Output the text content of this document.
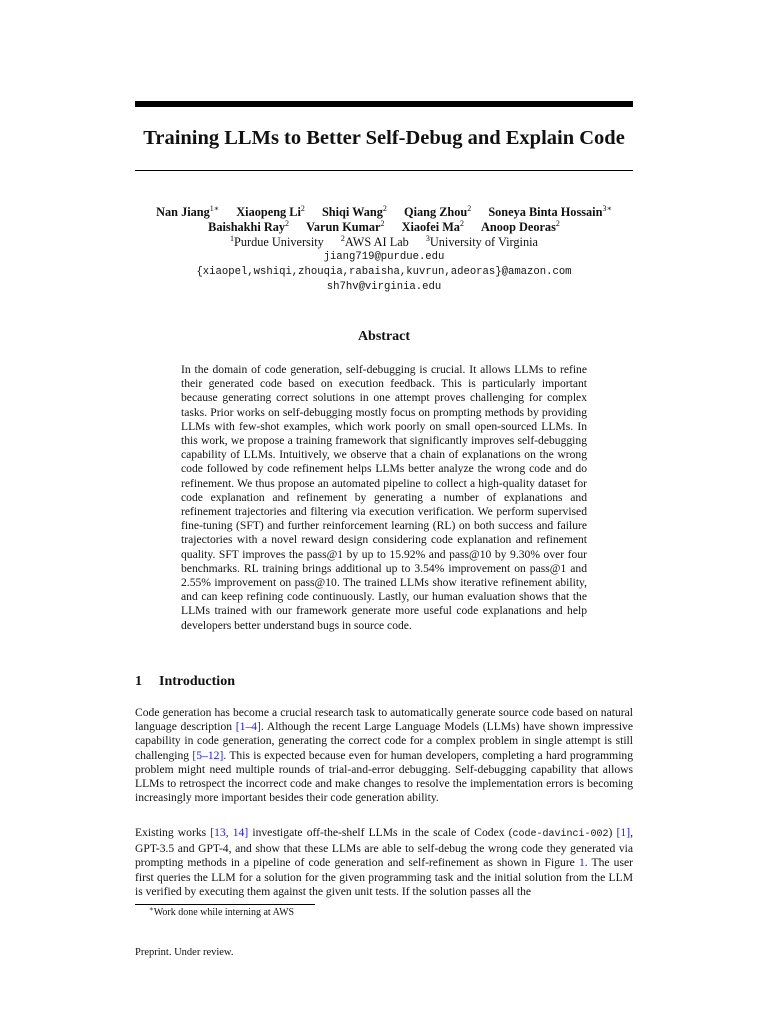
Training LLMs to Better Self-Debug and Explain Code
Nan Jiang$^{1∗}$ Xiaopeng Li$^2$ Shiqi Wang$^2$ Qiang Zhou$^2$ Soneya Binta Hossain$^{3∗}$
Baishakhi Ray$^2$ Varun Kumar$^2$ Xiaofei Ma$^2$ Anoop Deoras$^2$
$^1$Purdue University $^2$AWS AI Lab $^3$University of Virginia
jiang719@purdue.edu
{xiaopel,wshiqi,zhouqia,rabaisha,kuvrun,adeoras}@amazon.com
sh7hv@virginia.edu
Abstract

In the domain of code generation, self-debugging is crucial. It allows LLMs to refine their generated code based on execution feedback. This is particularly important because generating correct solutions in one attempt proves challenging for complex tasks. Prior works on self-debugging mostly focus on prompting methods by providing LLMs with few-shot examples, which work poorly on small open-sourced LLMs. In this work, we propose a training framework that significantly improves self-debugging capability of LLMs. Intuitively, we observe that a chain of explanations on the wrong code followed by code refinement helps LLMs better analyze the wrong code and do refinement. We thus propose an automated pipeline to collect a high-quality dataset for code explanation and refinement by generating a number of explanations and refinement trajectories and filtering via execution verification. We perform supervised fine-tuning (SFT) and further reinforcement learning (RL) on both success and failure trajectories with a novel reward design considering code explanation and refinement quality. SFT improves the pass@1 by up to 15.92% and pass@10 by 9.30% over four benchmarks. RL training brings additional up to 3.54% improvement on pass@1 and 2.55% improvement on pass@10. The trained LLMs show iterative refinement ability, and can keep refining code continuously. Lastly, our human evaluation shows that the LLMs trained with our framework generate more useful code explanations and help developers better understand bugs in source code.

1 Introduction

Code generation has become a crucial research task to automatically generate source code based on natural language description [1–4]. Although the recent Large Language Models (LLMs) have shown impressive capability in code generation, generating the correct code for a complex problem in single attempt is still challenging [5–12]. This is expected because even for human developers, completing a hard programming problem might need multiple rounds of trial-and-error debugging. Self-debugging capability that allows LLMs to retrospect the incorrect code and make changes to resolve the implementation errors is becoming increasingly more important besides their code generation ability.

Existing works [13, 14] investigate off-the-shelf LLMs in the scale of Codex (code-davinci-002) [1], GPT-3.5 and GPT-4, and show that these LLMs are able to self-debug the wrong code they generated via prompting methods in a pipeline of code generation and self-refinement as shown in Figure 1. The user first queries the LLM for a solution for the given programming task and the initial solution from the LLM is verified by executing them against the given unit tests. If the solution passes all the

∗Work done while interning at AWS
Preprint. Under review.
